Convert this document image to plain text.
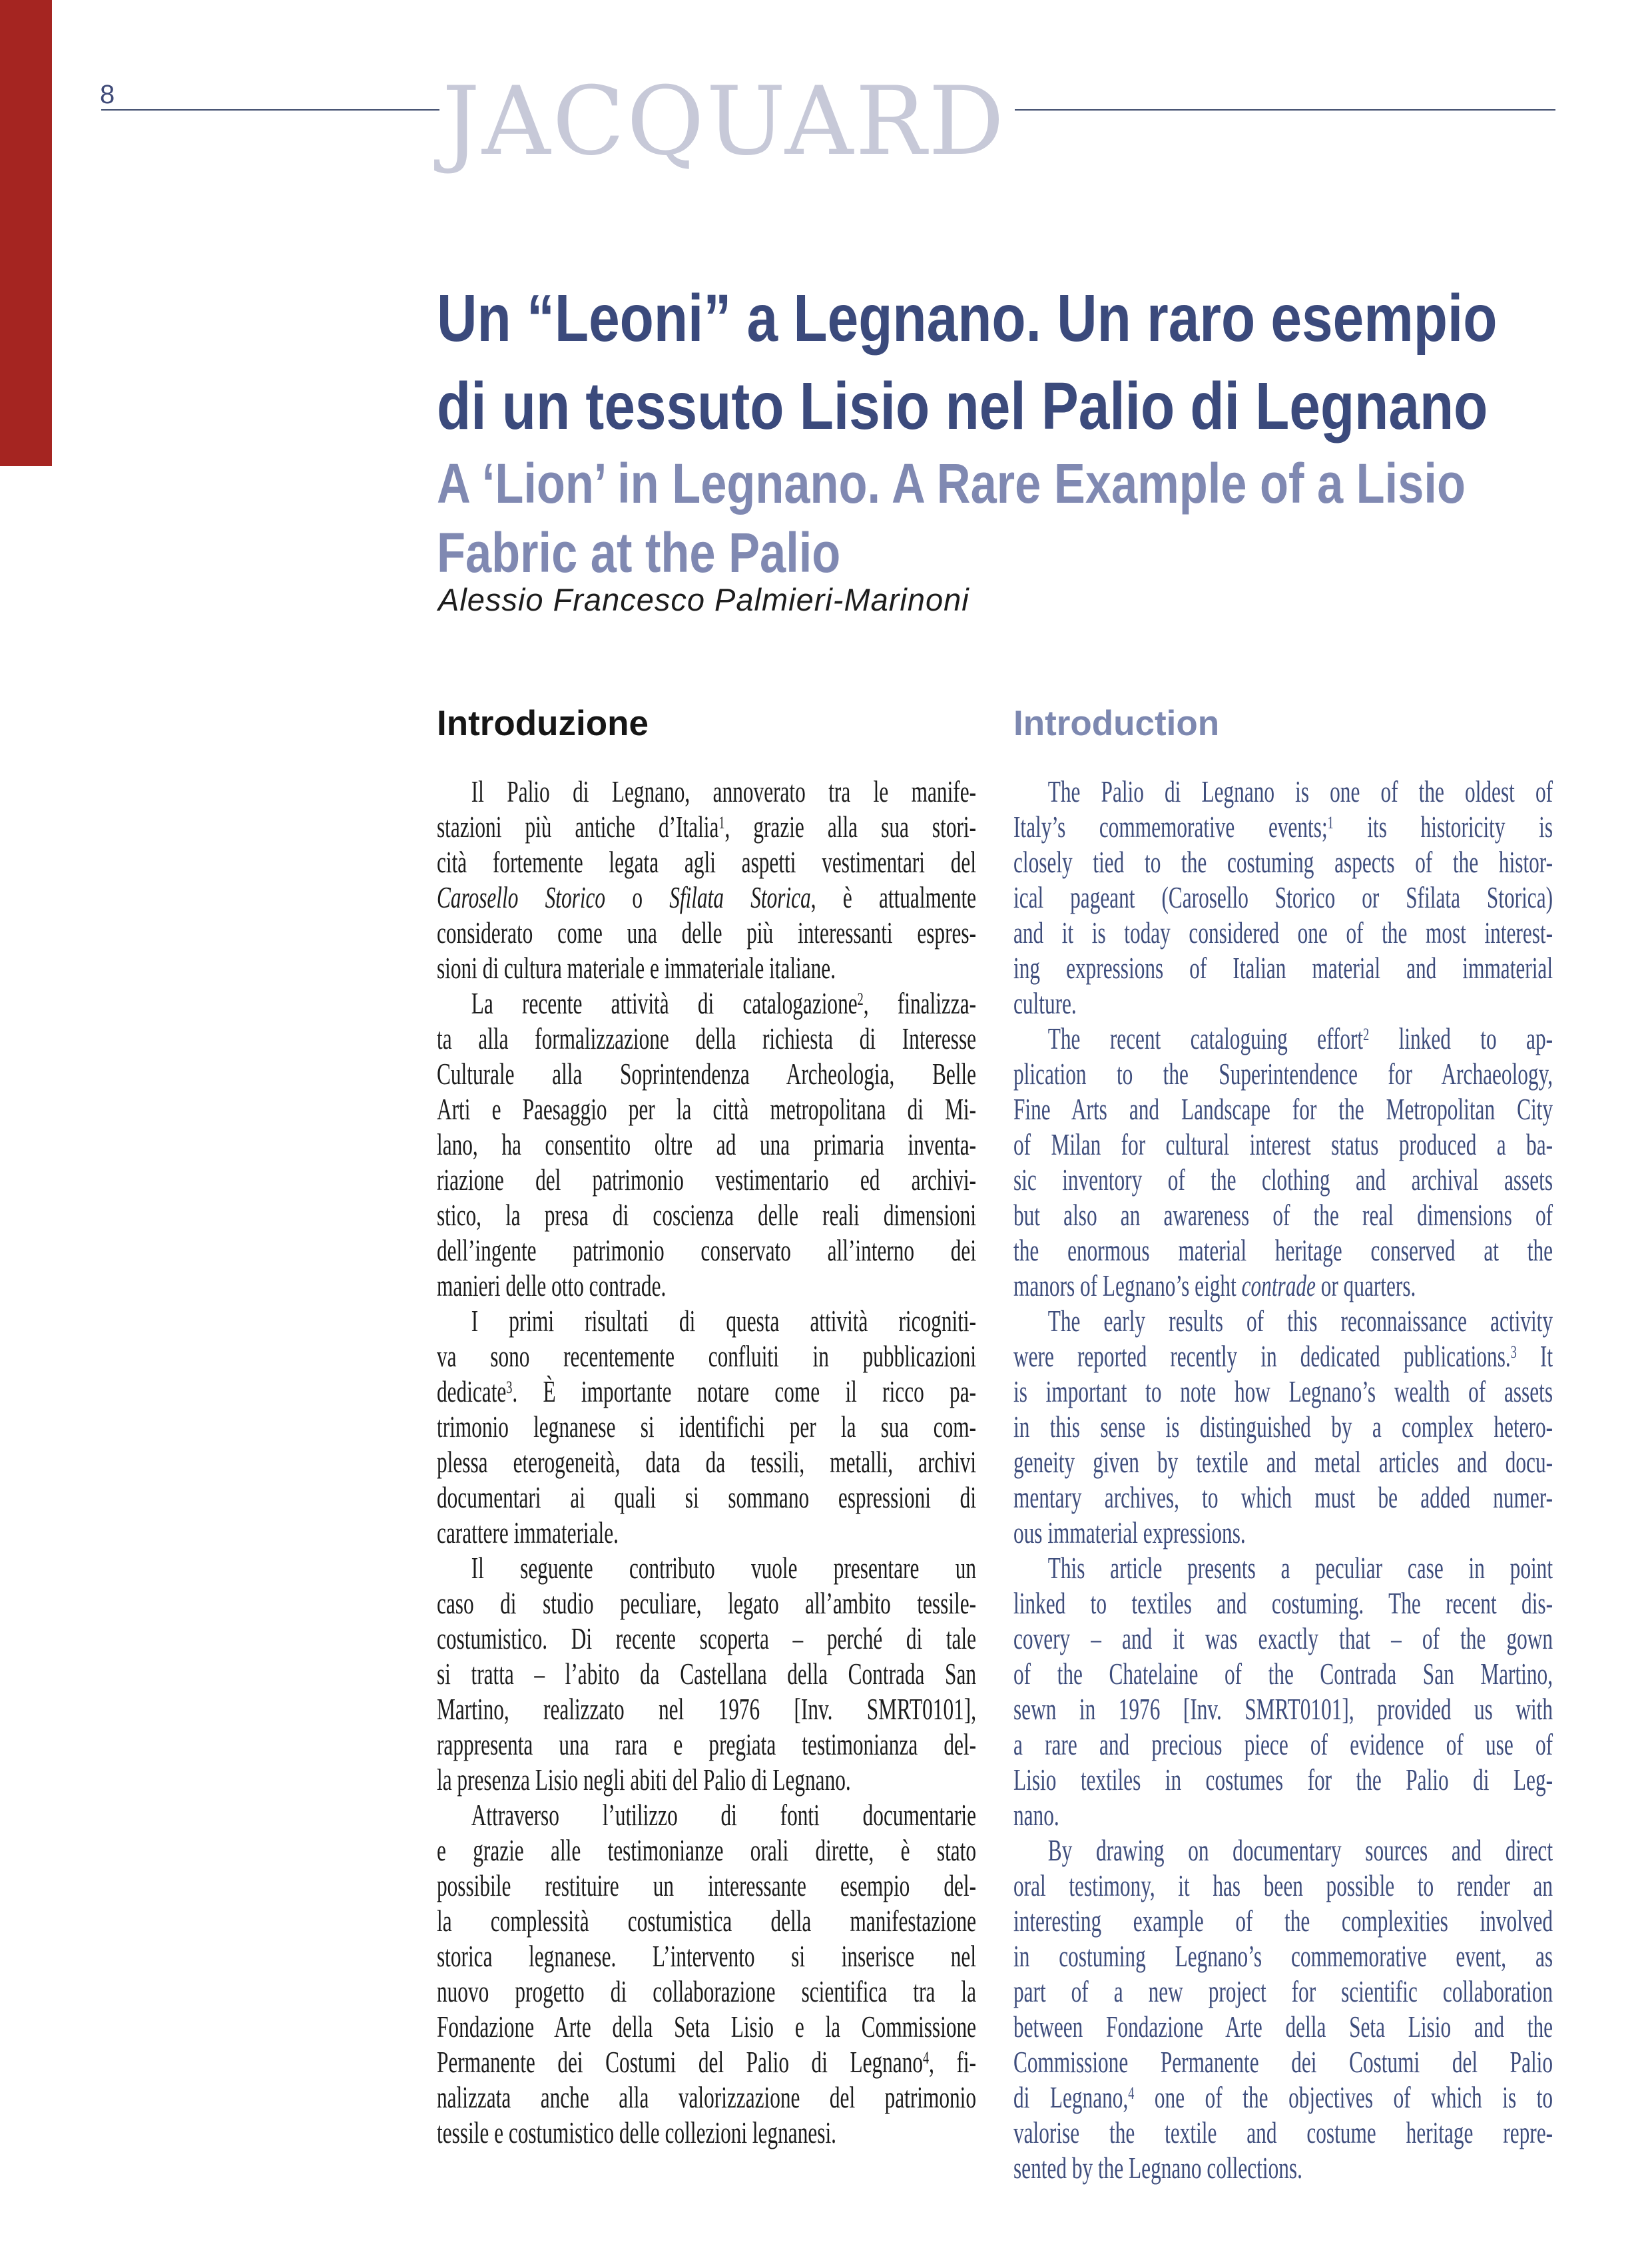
8	JACQUARD
Un “Leoni” a Legnano. Un raro esempio
di un tessuto Lisio nel Palio di Legnano
A ‘Lion’ in Legnano. A Rare Example of a Lisio
Fabric at the Palio
Alessio Francesco Palmieri-Marinoni
Introduzione	Introduction
Il Palio di Legnano, annoverato tra le manife-
stazioni più antiche d’Italia$^1$, grazie alla sua stori-
cità fortemente legata agli aspetti vestimentari del
Carosello Storico o Sfilata Storica, è attualmente
considerato come una delle più interessanti espres-
sioni di cultura materiale e immateriale italiane.
La recente attività di catalogazione$^2$, finalizza-
ta alla formalizzazione della richiesta di Interesse
Culturale alla Soprintendenza Archeologia, Belle
Arti e Paesaggio per la città metropolitana di Mi-
lano, ha consentito oltre ad una primaria inventa-
riazione del patrimonio vestimentario ed archivi-
stico, la presa di coscienza delle reali dimensioni
dell’ingente patrimonio conservato all’interno dei
manieri delle otto contrade.
I primi risultati di questa attività ricogniti-
va sono recentemente confluiti in pubblicazioni
dedicate$^3$. È importante notare come il ricco pa-
trimonio legnanese si identifichi per la sua com-
plessa eterogeneità, data da tessili, metalli, archivi
documentari ai quali si sommano espressioni di
carattere immateriale.
Il seguente contributo vuole presentare un
caso di studio peculiare, legato all’ambito tessile-
costumistico. Di recente scoperta – perché di tale
si tratta – l’abito da Castellana della Contrada San
Martino, realizzato nel 1976 [Inv. SMRT0101],
rappresenta una rara e pregiata testimonianza del-
la presenza Lisio negli abiti del Palio di Legnano.
Attraverso l’utilizzo di fonti documentarie
e grazie alle testimonianze orali dirette, è stato
possibile restituire un interessante esempio del-
la complessità costumistica della manifestazione
storica legnanese. L’intervento si inserisce nel
nuovo progetto di collaborazione scientifica tra la
Fondazione Arte della Seta Lisio e la Commissione
Permanente dei Costumi del Palio di Legnano$^4$, fi-
nalizzata anche alla valorizzazione del patrimonio
tessile e costumistico delle collezioni legnanesi.
The Palio di Legnano is one of the oldest of
Italy’s commemorative events;$^1$ its historicity is
closely tied to the costuming aspects of the histor-
ical pageant (Carosello Storico or Sfilata Storica)
and it is today considered one of the most interest-
ing expressions of Italian material and immaterial
culture.
The recent cataloguing effort$^2$ linked to ap-
plication to the Superintendence for Archaeology,
Fine Arts and Landscape for the Metropolitan City
of Milan for cultural interest status produced a ba-
sic inventory of the clothing and archival assets
but also an awareness of the real dimensions of
the enormous material heritage conserved at the
manors of Legnano’s eight contrade or quarters.
The early results of this reconnaissance activity
were reported recently in dedicated publications.$^3$ It
is important to note how Legnano’s wealth of assets
in this sense is distinguished by a complex hetero-
geneity given by textile and metal articles and docu-
mentary archives, to which must be added numer-
ous immaterial expressions.
This article presents a peculiar case in point
linked to textiles and costuming. The recent dis-
covery – and it was exactly that – of the gown
of the Chatelaine of the Contrada San Martino,
sewn in 1976 [Inv. SMRT0101], provided us with
a rare and precious piece of evidence of use of
Lisio textiles in costumes for the Palio di Leg-
nano.
By drawing on documentary sources and direct
oral testimony, it has been possible to render an
interesting example of the complexities involved
in costuming Legnano’s commemorative event, as
part of a new project for scientific collaboration
between Fondazione Arte della Seta Lisio and the
Commissione Permanente dei Costumi del Palio
di Legnano,$^4$ one of the objectives of which is to
valorise the textile and costume heritage repre-
sented by the Legnano collections.
